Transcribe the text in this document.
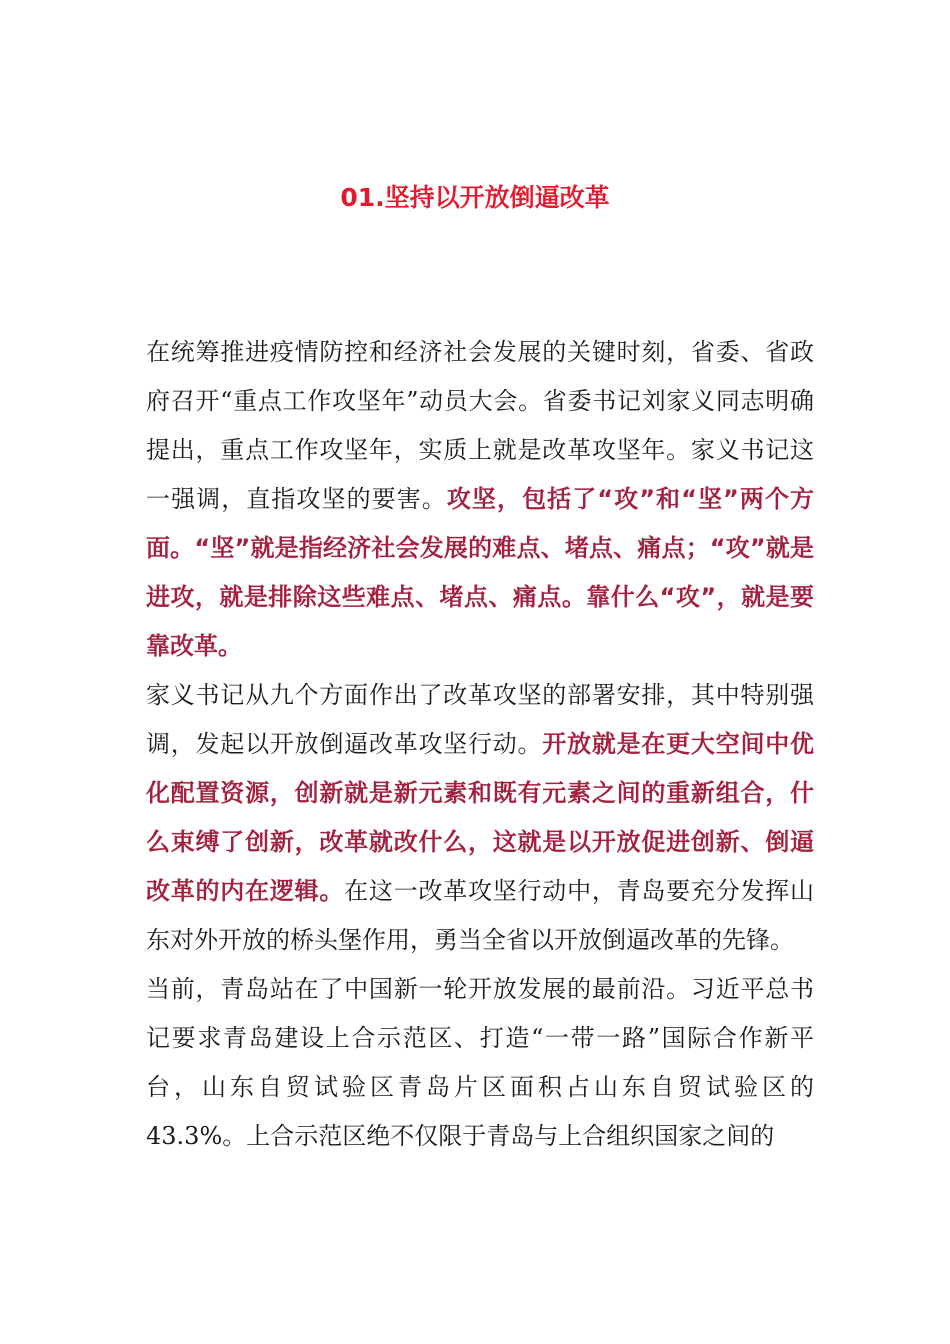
01.坚持以开放倒逼改革

在统筹推进疫情防控和经济社会发展的关键时刻，省委、省政府召开“重点工作攻坚年”动员大会。省委书记刘家义同志明确提出，重点工作攻坚年，实质上就是改革攻坚年。家义书记这一强调，直指攻坚的要害。攻坚，包括了“攻”和“坚”两个方面。“坚”就是指经济社会发展的难点、堵点、痛点；“攻”就是进攻，就是排除这些难点、堵点、痛点。靠什么“攻”，就是要靠改革。

家义书记从九个方面作出了改革攻坚的部署安排，其中特别强调，发起以开放倒逼改革攻坚行动。开放就是在更大空间中优化配置资源，创新就是新元素和既有元素之间的重新组合，什么束缚了创新，改革就改什么，这就是以开放促进创新、倒逼改革的内在逻辑。在这一改革攻坚行动中，青岛要充分发挥山东对外开放的桥头堡作用，勇当全省以开放倒逼改革的先锋。

当前，青岛站在了中国新一轮开放发展的最前沿。习近平总书记要求青岛建设上合示范区、打造“一带一路”国际合作新平台，山东自贸试验区青岛片区面积占山东自贸试验区的43.3%。上合示范区绝不仅限于青岛与上合组织国家之间的
